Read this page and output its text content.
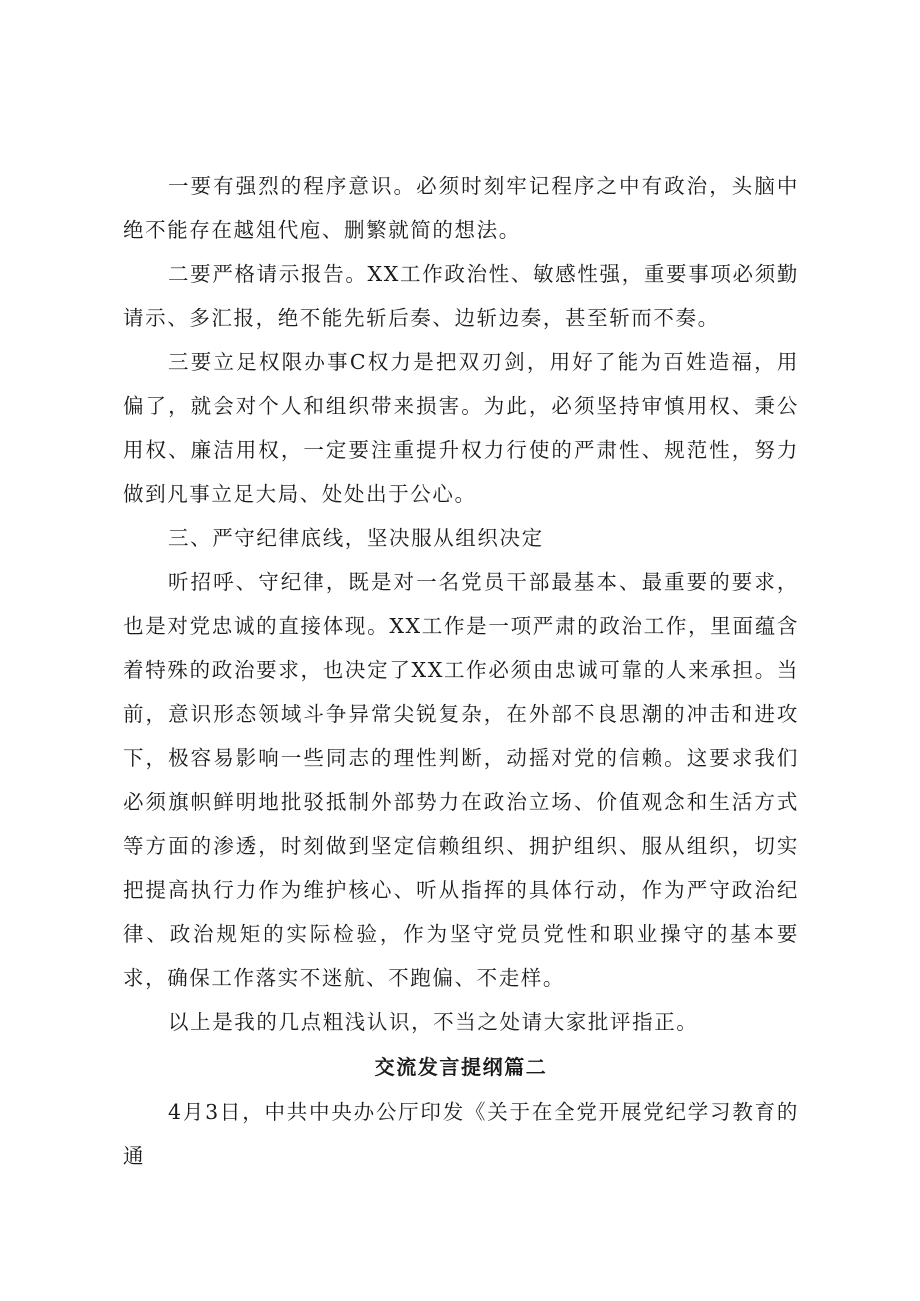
一要有强烈的程序意识。必须时刻牢记程序之中有政治，头脑中绝不能存在越俎代庖、删繁就简的想法。

二要严格请示报告。XX工作政治性、敏感性强，重要事项必须勤请示、多汇报，绝不能先斩后奏、边斩边奏，甚至斩而不奏。

三要立足权限办事C权力是把双刃剑，用好了能为百姓造福，用偏了，就会对个人和组织带来损害。为此，必须坚持审慎用权、秉公用权、廉洁用权，一定要注重提升权力行使的严肃性、规范性，努力做到凡事立足大局、处处出于公心。

三、严守纪律底线，坚决服从组织决定

听招呼、守纪律，既是对一名党员干部最基本、最重要的要求，也是对党忠诚的直接体现。XX工作是一项严肃的政治工作，里面蕴含着特殊的政治要求，也决定了XX工作必须由忠诚可靠的人来承担。当前，意识形态领域斗争异常尖锐复杂，在外部不良思潮的冲击和进攻下，极容易影响一些同志的理性判断，动摇对党的信赖。这要求我们必须旗帜鲜明地批驳抵制外部势力在政治立场、价值观念和生活方式等方面的渗透，时刻做到坚定信赖组织、拥护组织、服从组织，切实把提高执行力作为维护核心、听从指挥的具体行动，作为严守政治纪律、政治规矩的实际检验，作为坚守党员党性和职业操守的基本要求，确保工作落实不迷航、不跑偏、不走样。

以上是我的几点粗浅认识，不当之处请大家批评指正。

交流发言提纲篇二

4月3日，中共中央办公厅印发《关于在全党开展党纪学习教育的通
